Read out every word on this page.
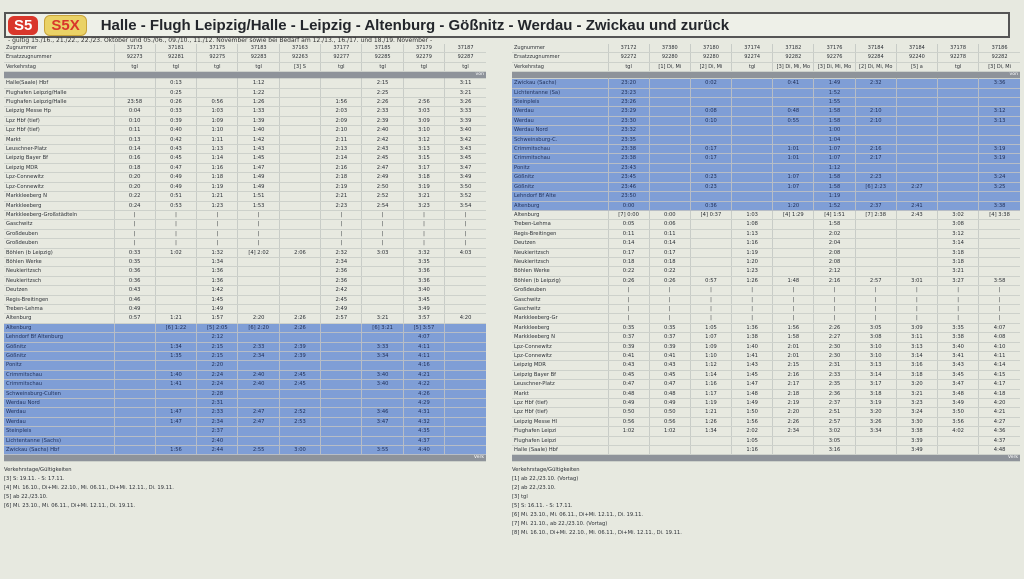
S5	S5X	Halle - Flugh Leipzig/Halle - Leipzig - Altenburg - Gößnitz - Werdau - Zwickau und zurück
- gültig 15./16., 21./22., 22./23. Oktober und 05./06., 09./10., 11./12. November sowie bei Bedarf am 12./13., 16./17. und 18./19. November -
Zugnummer	37173	37181	37175	37183	37163	37177	37185	37179	37187
Ersatzzugnummer	92273	92281	92275	92283	92263	92277	92285	92279	92287
Verkehrstag	tgl	tgl	tgl	tgl	[3] S	tgl	tgl	tgl	tgl
von									
Halle(Saale) Hbf		0:13		1:12			2:15		3:11
Flughafen Leipzig/Halle		0:25		1:22			2:25		3:21
Flughafen Leipzig/Halle	23:58	0:26	0:56	1:26		1:56	2:26	2:56	3:26
Leipzig Messe Hp	0:04	0:33	1:03	1:33		2:03	2:33	3:03	3:33
Lpz Hbf (tief)	0:10	0:39	1:09	1:39		2:09	2:39	3:09	3:39
Lpz Hbf (tief)	0:11	0:40	1:10	1:40		2:10	2:40	3:10	3:40
Markt	0:13	0:42	1:11	1:42		2:11	2:42	3:12	3:42
Leuschner-Platz	0:14	0:43	1:13	1:43		2:13	2:43	3:13	3:43
Leipzig Bayer Bf	0:16	0:45	1:14	1:45		2:14	2:45	3:15	3:45
Leipzig MDR	0:18	0:47	1:16	1:47		2:16	2:47	3:17	3:47
Lpz-Connewitz	0:20	0:49	1:18	1:49		2:18	2:49	3:18	3:49
Lpz-Connewitz	0:20	0:49	1:19	1:49		2:19	2:50	3:19	3:50
Markkleeberg N	0:22	0:51	1:21	1:51		2:21	2:52	3:21	3:52
Markkleeberg	0:24	0:53	1:23	1:53		2:23	2:54	3:23	3:54
Markkleeberg-Großstädteln	|	|	|	|		|	|	|	|
Gaschwitz	|	|	|	|		|	|	|	|
Großdeuben	|	|	|	|		|	|	|	|
Großdeuben	|	|	|	|		|	|	|	|
Böhlen (b Leipzig)	0:33	1:02	1:32	[4] 2:02	2:06	2:32	3:03	3:32	4:03
Böhlen Werke	0:35		1:34			2:34		3:35	
Neukieritzsch	0:36		1:36			2:36		3:36	
Neukieritzsch	0:36		1:36			2:36		3:36	
Deutzen	0:43		1:42			2:42		3:40	
Regis-Breitingen	0:46		1:45			2:45		3:45	
Treben-Lehma	0:49		1:49			2:49		3:49	
Altenburg	0:57	1:21	1:57	2:20	2:26	2:57	3:21	3:57	4:20
Altenburg		[6] 1:22	[5] 2:05	[6] 2:20	2:26		[6] 3:21	[5] 3:57	
Lehndorf Bf Altenburg			2:12					4:07	
Gößnitz		1:34	2:15	2:33	2:39		3:33	4:11	
Gößnitz		1:35	2:15	2:34	2:39		3:34	4:11	
Ponitz			2:20					4:16	
Crimmitschau		1:40	2:24	2:40	2:45		3:40	4:21	
Crimmitschau		1:41	2:24	2:40	2:45		3:40	4:22	
Schweinsburg-Culten			2:28					4:26	
Werdau Nord			2:31					4:29	
Werdau		1:47	2:33	2:47	2:52		3:46	4:31	
Werdau		1:47	2:34	2:47	2:53		3:47	4:32	
Steinpleis			2:37					4:35	
Lichtentanne (Sachs)			2:40					4:37	
Zwickau (Sachs) Hbf		1:56	2:44	2:55	3:00		3:55	4:40	
Verk									
Verkehrstage/Gültigkeiten
[3] S: 19.11. - S: 17.11.
[4] Mi. 16.10., Di+Mi. 22.10., Mi. 06.11., Di+Mi. 12.11., Di. 19.11.
[5] ab 22./23.10.
[6] Mi. 23.10., Mi. 06.11., Di+Mi. 12.11., Di. 19.11.
Zugnummer	37172	37380	37180	37174	37182	37176	37184	37184	37178	37186
Ersatzzugnummer	92272	92280	92280	92274	92282	92276	92284	92240	92278	92282
Verkehrstag	tgl	[1] Di, Mi	[2] Di, Mi	tgl	[3] Di, Mi, Mo	[3] Di, Mi, Mo	[2] Di, Mi, Mo	[5] a	tgl	[3] Di, Mi
von										
Zwickau (Sachs)	23:20		0:02		0:41	1:49	2:32			3:36
Lichtentanne (Sa)	23:23					1:52				
Steinpleis	23:26					1:55				
Werdau	23:29		0:08		0:48	1:58	2:10			3:12
Werdau	23:30		0:10		0:55	1:58	2:10			3:13
Werdau Nord	23:32					1:00				
Schweinsburg-C.	23:35					1:04				
Crimmitschau	23:38		0:17		1:01	1:07	2:16			3:19
Crimmitschau	23:38		0:17		1:01	1:07	2:17			3:19
Ponitz	23:43					1:12				
Gößnitz	23:45		0:23		1:07	1:58	2:23			3:24
Gößnitz	23:46		0:23		1:07	1:58	[6] 2:23	2:27		3:25
Lehndorf Bf Alte	23:50					1:19				
Altenburg	0:00		0:36		1:20	1:52	2:37	2:41		3:38
Altenburg	[7] 0:00	0:00	[4] 0:37	1:03	[4] 1:29	[4] 1:51	[7] 2:38	2:43	3:02	[4] 3:38
Treben-Lehma	0:05	0:06		1:08		1:58			3:08	
Regis-Breitingen	0:11	0:11		1:13		2:02			3:12	
Deutzen	0:14	0:14		1:16		2:04			3:14	
Neukieritzsch	0:17	0:17		1:19		2:08			3:18	
Neukieritzsch	0:18	0:18		1:20		2:08			3:18	
Böhlen Werke	0:22	0:22		1:23		2:12			3:21	
Böhlen (b Leipzig)	0:26	0:26	0:57	1:26	1:48	2:16	2:57	3:01	3:27	3:58
Großdeuben	|	|	|	|	|	|	|	|	|	|
Gaschwitz	|	|	|	|	|	|	|	|	|	|
Gaschwitz	|	|	|	|	|	|	|	|	|	|
Markkleeberg-Gr	|	|	|	|	|	|	|	|	|	|
Markkleeberg	0:35	0:35	1:05	1:36	1:56	2:26	3:05	3:09	3:35	4:07
Markkleeberg N	0:37	0:37	1:07	1:38	1:58	2:27	3:08	3:11	3:38	4:08
Lpz-Connewitz	0:39	0:39	1:09	1:40	2:01	2:30	3:10	3:13	3:40	4:10
Lpz-Connewitz	0:41	0:41	1:10	1:41	2:01	2:30	3:10	3:14	3:41	4:11
Leipzig MDR	0:43	0:43	1:12	1:43	2:15	2:31	3:13	3:16	3:43	4:14
Leipzig Bayer Bf	0:45	0:45	1:14	1:45	2:16	2:33	3:14	3:18	3:45	4:15
Leuschner-Platz	0:47	0:47	1:16	1:47	2:17	2:35	3:17	3:20	3:47	4:17
Markt	0:48	0:48	1:17	1:48	2:18	2:36	3:18	3:21	3:48	4:18
Lpz Hbf (tief)	0:49	0:49	1:19	1:49	2:19	2:37	3:19	3:23	3:49	4:20
Lpz Hbf (tief)	0:50	0:50	1:21	1:50	2:20	2:51	3:20	3:24	3:50	4:21
Leipzig Messe Hl	0:56	0:56	1:26	1:56	2:26	2:57	3:26	3:30	3:56	4:27
Flughafen Leipzi	1:02	1:02	1:34	2:02	2:34	3:02	3:34	3:38	4:02	4:36
Flughafen Leipzi				1:05		3:05		3:39		4:37
Halle (Saale) Hbf				1:16		3:16		3:49		4:48
Verk										
Verkehrstage/Gültigkeiten
[1] ab 22./23.10. (Vortag)
[2] ab 22./23.10.
[3] tgl
[5] S: 16.11. - S: 17.11.
[6] Mi. 23.10., Mi. 06.11., Di+Mi. 12.11., Di. 19.11.
[7] Mi. 21.10., ab 22./23.10. (Vortag)
[8] Mi. 16.10., Di+Mi. 22.10., Mi. 06.11., Di+Mi. 12.11., Di. 19.11.
